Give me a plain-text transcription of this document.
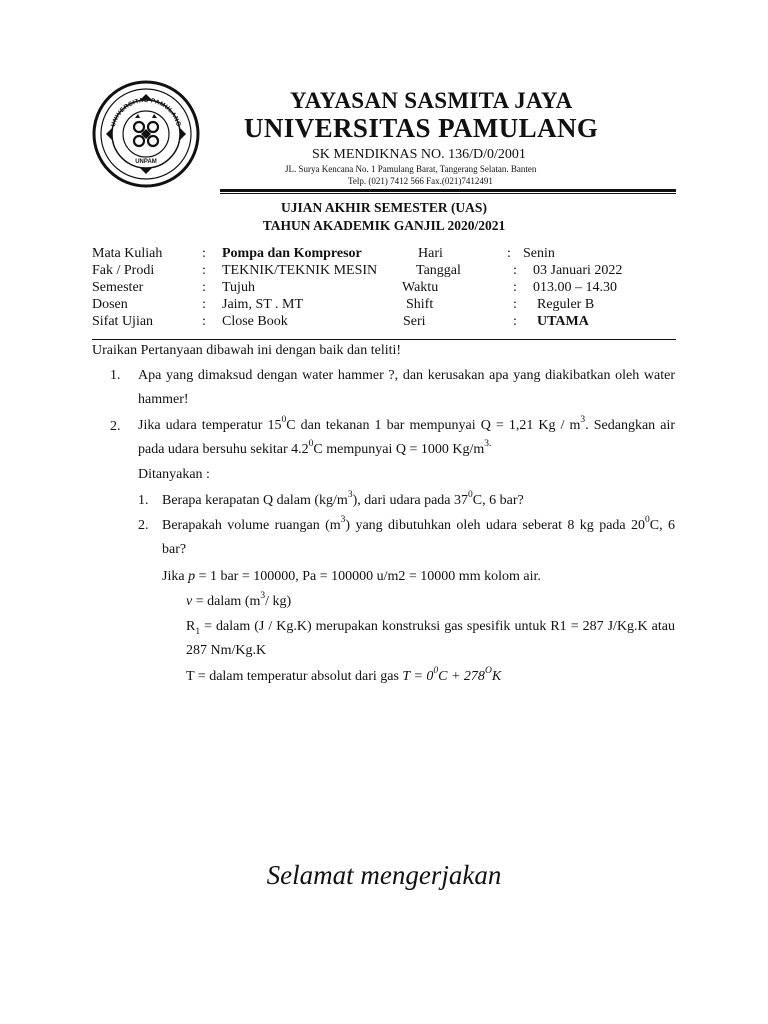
UNIVERSITAS PAMULANG
UNPAM
YAYASAN SASMITA JAYA
UNIVERSITAS PAMULANG
SK MENDIKNAS NO. 136/D/0/2001
JL. Surya Kencana No. 1 Pamulang Barat, Tangerang Selatan. Banten
Telp. (021) 7412 566 Fax.(021)7412491
UJIAN AKHIR SEMESTER (UAS)
TAHUN AKADEMIK GANJIL 2020/2021
Mata Kuliah	: Pompa dan Kompresor	Hari	: Senin
Fak / Prodi	: TEKNIK/TEKNIK MESIN	Tanggal	: 03 Januari 2022
Semester	: Tujuh	Waktu	: 013.00 – 14.30
Dosen	: Jaim, ST . MT	Shift	: Reguler B
Sifat Ujian	: Close Book	Seri	: UTAMA
Uraikan Pertanyaan dibawah ini dengan baik dan teliti!
1. Apa yang dimaksud dengan water hammer ?, dan kerusakan apa yang diakibatkan oleh water hammer!
2. Jika udara temperatur $15^0C$ dan tekanan 1 bar mempunyai Q = 1,21 Kg / $m^3$. Sedangkan air pada udara bersuhu sekitar $4.2^0C$ mempunyai Q = 1000 $Kg/m^{3.}$
Ditanyakan :
1. Berapa kerapatan Q dalam $(kg/m^3)$, dari udara pada $37^0C$, 6 bar?
2. Berapakah volume ruangan $(m^3)$ yang dibutuhkan oleh udara seberat 8 kg pada $20^0C$, 6 bar?
Jika p = 1 bar = 100000, Pa = 100000 u/m2 = 10000 mm kolom air.
ν = dalam ($m^3/$ kg)
$R_1$ = dalam (J / Kg.K) merupakan konstruksi gas spesifik untuk R1 = 287 J/Kg.K atau 287 Nm/Kg.K
T = dalam temperatur absolut dari gas $T = 0^0C + 278^OK$
Selamat mengerjakan
